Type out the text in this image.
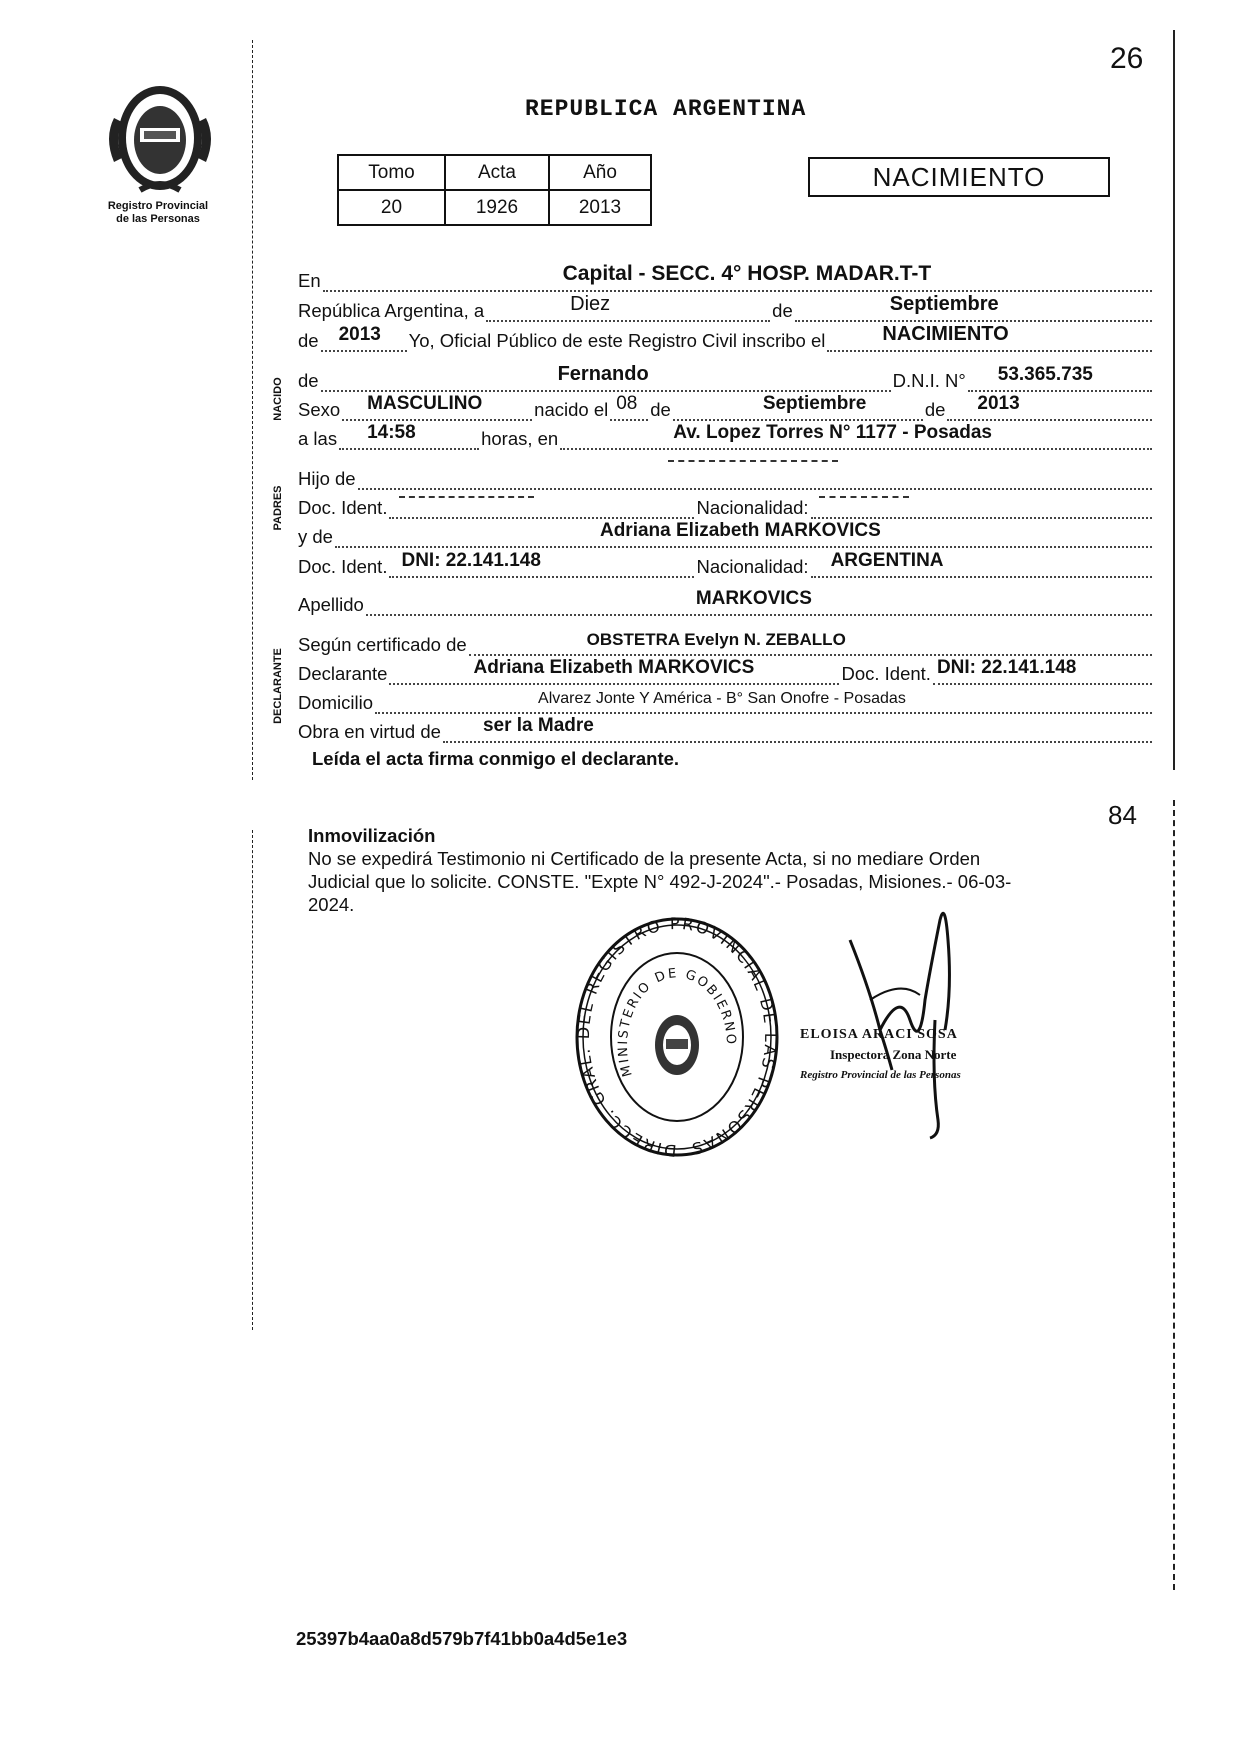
26
Registro Provincial
de las Personas
REPUBLICA ARGENTINA
Tomo	Acta	Año
20	1926	2013
NACIMIENTO
En	Capital - SECC. 4° HOSP. MADAR.T-T
República Argentina, a	Diez	de	Septiembre
de 2013 Yo, Oficial Público de este Registro Civil inscribo el	NACIMIENTO
NACIDO de	Fernando	D.N.I. N° 53.365.735
Sexo MASCULINO	nacido el 08 de	Septiembre	de 2013
a las 14:58	horas, en	Av. Lopez Torres N° 1177 - Posadas
PADRES
Hijo de
Doc. Ident.	Nacionalidad:
y de	Adriana Elizabeth MARKOVICS
Doc. Ident. DNI: 22.141.148	Nacionalidad: ARGENTINA
Apellido	MARKOVICS
DECLARANTE
Según certificado de	OBSTETRA Evelyn N. ZEBALLO
Declarante	Adriana Elizabeth MARKOVICS	Doc. Ident. DNI: 22.141.148
Domicilio	Alvarez Jonte Y América - B° San Onofre - Posadas
Obra en virtud de ser la Madre
Leída el acta firma conmigo el declarante.
84
Inmovilización
No se expedirá Testimonio ni Certificado de la presente Acta, si no mediare Orden
Judicial que lo solicite. CONSTE. "Expte N° 492-J-2024".- Posadas, Misiones.- 06-03-
2024.
DIRECC. GRAL. DEL REGISTRO PROVINCIAL DE LAS PERSONAS
MINISTERIO DE GOBIERNO	ELOISA ARACI SOSA
Inspectora Zona Norte
Registro Provincial de las Personas
25397b4aa0a8d579b7f41bb0a4d5e1e3
